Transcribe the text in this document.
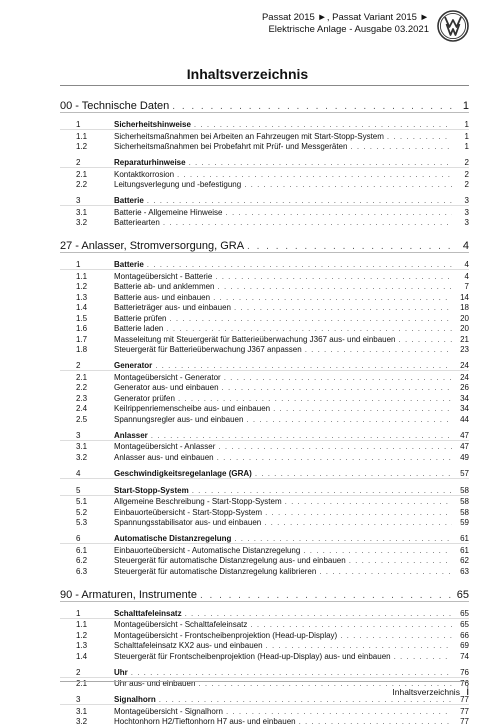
Passat 2015 ►, Passat Variant 2015 ►
Elektrische Anlage - Ausgabe 03.2021
Inhaltsverzeichnis
00 - Technische Daten . . .	1
1	Sicherheitshinweise . . .	1
1.1	Sicherheitsmaßnahmen bei Arbeiten an Fahrzeugen mit Start-Stopp-System . . .	1
1.2	Sicherheitsmaßnahmen bei Probefahrt mit Prüf- und Messgeräten . . .	1
2	Reparaturhinweise . . .	2
2.1	Kontaktkorrosion . . .	2
2.2	Leitungsverlegung und -befestigung . . .	2
3	Batterie . . .	3
3.1	Batterie - Allgemeine Hinweise . . .	3
3.2	Batteriearten . . .	3
27 - Anlasser, Stromversorgung, GRA . . .	4
1	Batterie . . .	4
1.1	Montageübersicht - Batterie . . .	4
1.2	Batterie ab- und anklemmen . . .	7
1.3	Batterie aus- und einbauen . . .	14
1.4	Batterieträger aus- und einbauen . . .	18
1.5	Batterie prüfen . . .	20
1.6	Batterie laden . . .	20
1.7	Masseleitung mit Steuergerät für Batterieüberwachung J367 aus- und einbauen . . .	21
1.8	Steuergerät für Batterieüberwachung J367 anpassen . . .	23
2	Generator . . .	24
2.1	Montageübersicht - Generator . . .	24
2.2	Generator aus- und einbauen . . .	26
2.3	Generator prüfen . . .	34
2.4	Keilrippenriemenscheibe aus- und einbauen . . .	34
2.5	Spannungsregler aus- und einbauen . . .	44
3	Anlasser . . .	47
3.1	Montageübersicht - Anlasser . . .	47
3.2	Anlasser aus- und einbauen . . .	49
4	Geschwindigkeitsregelanlage (GRA) . . .	57
5	Start-Stopp-System . . .	58
5.1	Allgemeine Beschreibung - Start-Stopp-System . . .	58
5.2	Einbauorteübersicht - Start-Stopp-System . . .	58
5.3	Spannungsstabilisator aus- und einbauen . . .	59
6	Automatische Distanzregelung . . .	61
6.1	Einbauorteübersicht - Automatische Distanzregelung . . .	61
6.2	Steuergerät für automatische Distanzregelung aus- und einbauen . . .	62
6.3	Steuergerät für automatische Distanzregelung kalibrieren . . .	63
90 - Armaturen, Instrumente . . .	65
1	Schalttafeleinsatz . . .	65
1.1	Montageübersicht - Schalttafeleinsatz . . .	65
1.2	Montageübersicht - Frontscheibenprojektion (Head-up-Display) . . .	66
1.3	Schalttafeleinsatz KX2 aus- und einbauen . . .	69
1.4	Steuergerät für Frontscheibenprojektion (Head-up-Display) aus- und einbauen . . .	74
2	Uhr . . .	76
2.1	Uhr aus- und einbauen . . .	76
3	Signalhorn . . .	77
3.1	Montageübersicht - Signalhorn . . .	77
3.2	Hochtonhorn H2/Tieftonhorn H7 aus- und einbauen . . .	77
Inhaltsverzeichnis i
